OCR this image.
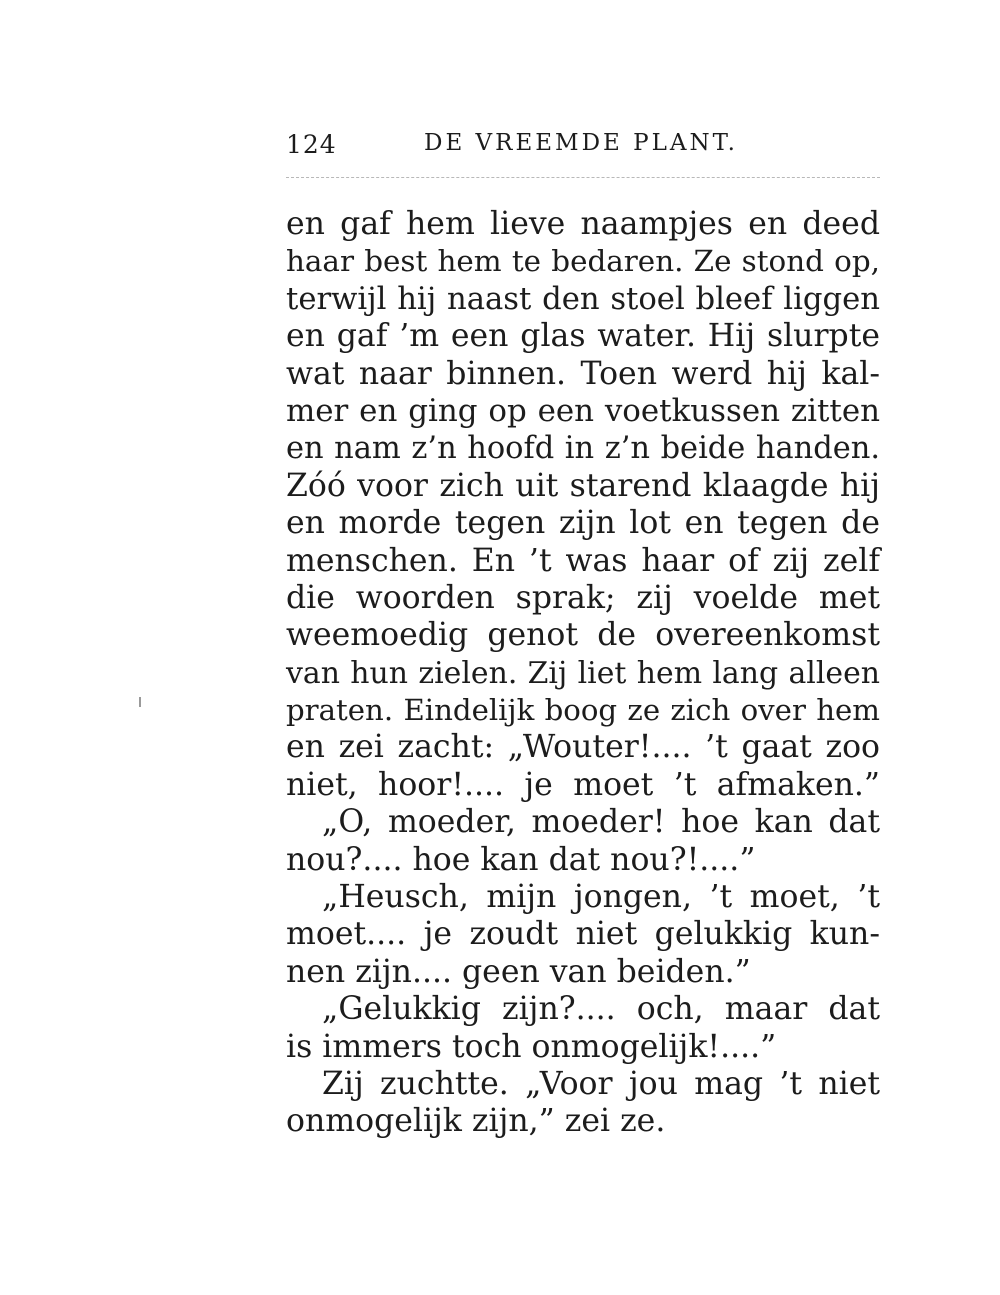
124	DE VREEMDE PLANT.
en gaf hem lieve naampjes en deed
haar best hem te bedaren. Ze stond op,
terwijl hij naast den stoel bleef liggen
en gaf ’m een glas water. Hij slurpte
wat naar binnen. Toen werd hij kal-
mer en ging op een voetkussen zitten
en nam z’n hoofd in z’n beide handen.
Zóó voor zich uit starend klaagde hij
en morde tegen zijn lot en tegen de
menschen. En ’t was haar of zij zelf
die woorden sprak; zij voelde met
weemoedig genot de overeenkomst
van hun zielen. Zij liet hem lang alleen
praten. Eindelijk boog ze zich over hem
en zei zacht: „Wouter!.... ’t gaat zoo
niet, hoor!.... je moet ’t afmaken.”
„O, moeder, moeder! hoe kan dat
nou?.... hoe kan dat nou?!....”
„Heusch, mijn jongen, ’t moet, ’t
moet.... je zoudt niet gelukkig kun-
nen zijn.... geen van beiden.”
„Gelukkig zijn?.... och, maar dat
is immers toch onmogelijk!....”
Zij zuchtte. „Voor jou mag ’t niet
onmogelijk zijn,” zei ze.
